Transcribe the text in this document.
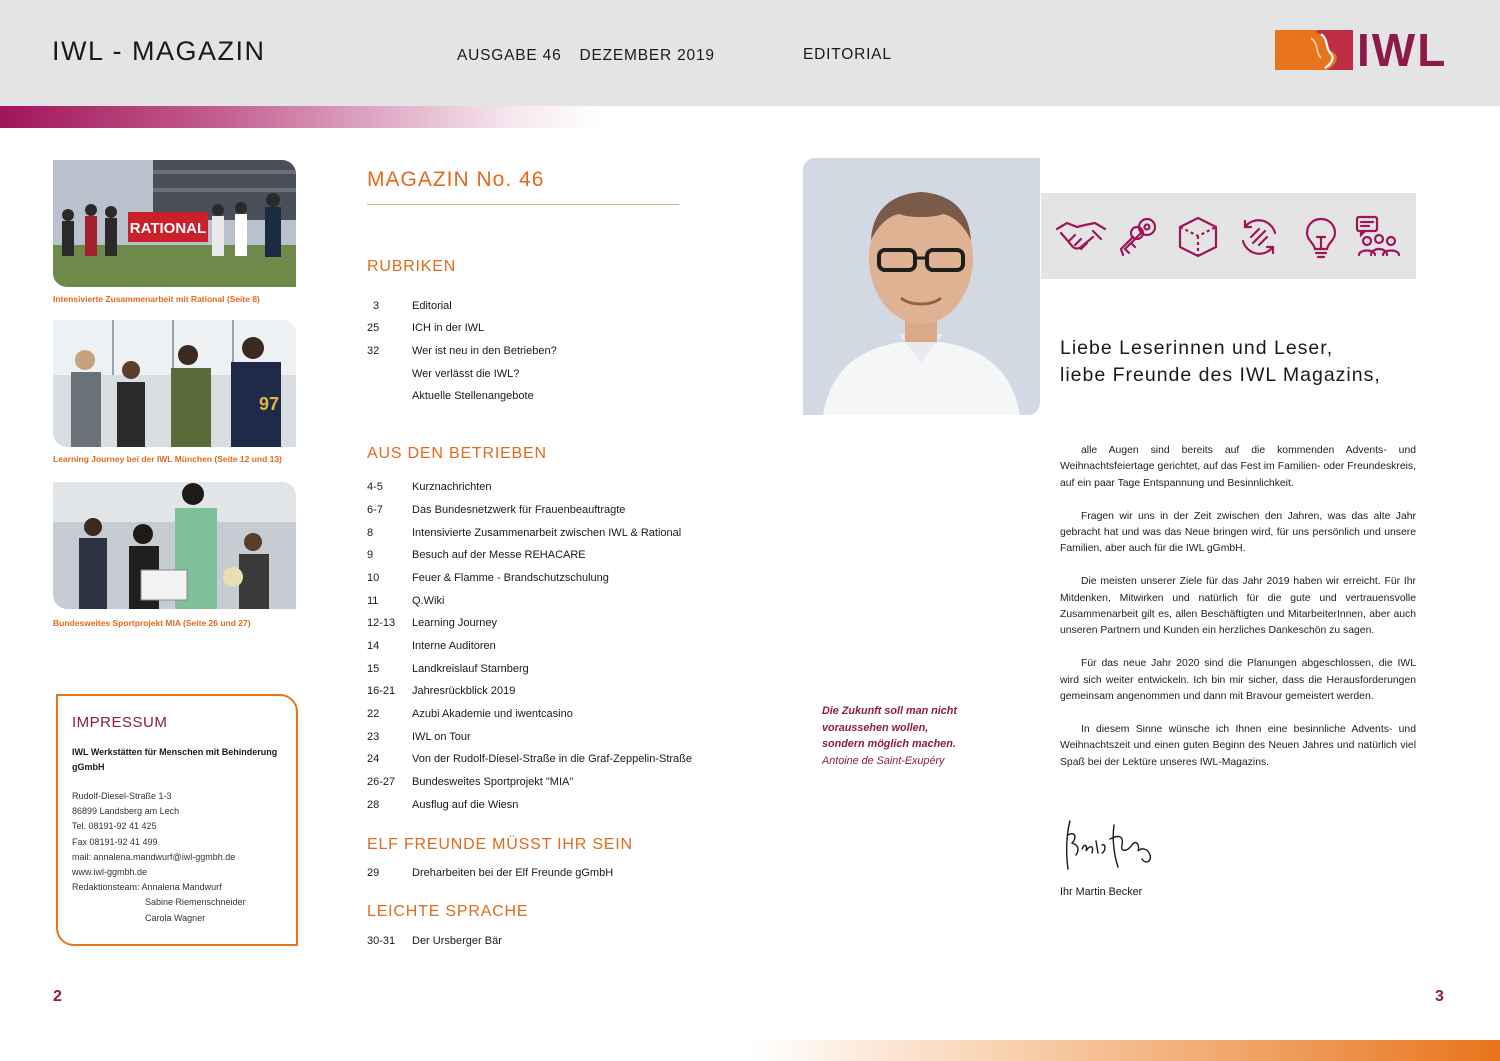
IWL - MAGAZIN	AUSGABE 46 DEZEMBER 2019	EDITORIAL	IWL
RATIONAL
Intensivierte Zusammenarbeit mit Rational (Seite 8)
97
Learning Journey bei der IWL München (Seite 12 und 13)
Bundesweites Sportprojekt MIA (Seite 26 und 27)
IMPRESSUM
IWL Werkstätten für Menschen mit Behinderung gGmbH
Rudolf-Diesel-Straße 1-3
86899 Landsberg am Lech
Tel. 08191-92 41 425
Fax 08191-92 41 499
mail: annalena.mandwurf@iwl-ggmbh.de
www.iwl-ggmbh.de
Redaktionsteam: Annalena Mandwurf
Sabine Riemenschneider
Carola Wagner
MAGAZIN No. 46
RUBRIKEN
3	Editorial
25	ICH in der IWL
32	Wer ist neu in den Betrieben?
Wer verlässt die IWL?
Aktuelle Stellenangebote
AUS DEN BETRIEBEN
4-5	Kurznachrichten
6-7	Das Bundesnetzwerk für Frauenbeauftragte
8	Intensivierte Zusammenarbeit zwischen IWL & Rational
9	Besuch auf der Messe REHACARE
10	Feuer & Flamme - Brandschutzschulung
11	Q.Wiki
12-13	Learning Journey
14	Interne Auditoren
15	Landkreislauf Starnberg
16-21	Jahresrückblick 2019
22	Azubi Akademie und iwentcasino
23	IWL on Tour
24	Von der Rudolf-Diesel-Straße in die Graf-Zeppelin-Straße
26-27	Bundesweites Sportprojekt "MIA"
28	Ausflug auf die Wiesn
ELF FREUNDE MÜSST IHR SEIN
29	Dreharbeiten bei der Elf Freunde gGmbH
LEICHTE SPRACHE
30-31	Der Ursberger Bär
Liebe Leserinnen und Leser,
liebe Freunde des IWL Magazins,

alle Augen sind bereits auf die kommenden Advents- und Weihnachtsfeiertage gerichtet, auf das Fest im Familien- oder Freundeskreis, auf ein paar Tage Entspannung und Besinnlichkeit.

Fragen wir uns in der Zeit zwischen den Jahren, was das alte Jahr gebracht hat und was das Neue bringen wird, für uns persönlich und unsere Familien, aber auch für die IWL gGmbH.

Die meisten unserer Ziele für das Jahr 2019 haben wir erreicht. Für Ihr Mitdenken, Mitwirken und natürlich für die gute und vertrauensvolle Zusammenarbeit gilt es, allen Beschäftigten und MitarbeiterInnen, aber auch unseren Partnern und Kunden ein herzliches Dankeschön zu sagen.

Für das neue Jahr 2020 sind die Planungen abgeschlossen, die IWL wird sich weiter entwickeln. Ich bin mir sicher, dass die Herausforderungen gemeinsam angenommen und dann mit Bravour gemeistert werden.

In diesem Sinne wünsche ich Ihnen eine besinnliche Advents- und Weihnachtszeit und einen guten Beginn des Neuen Jahres und natürlich viel Spaß bei der Lektüre unseres IWL-Magazins.

Die Zukunft soll man nicht
voraussehen wollen,
sondern möglich machen.
Antoine de Saint-Exupéry
Ihr Martin Becker
2	3
